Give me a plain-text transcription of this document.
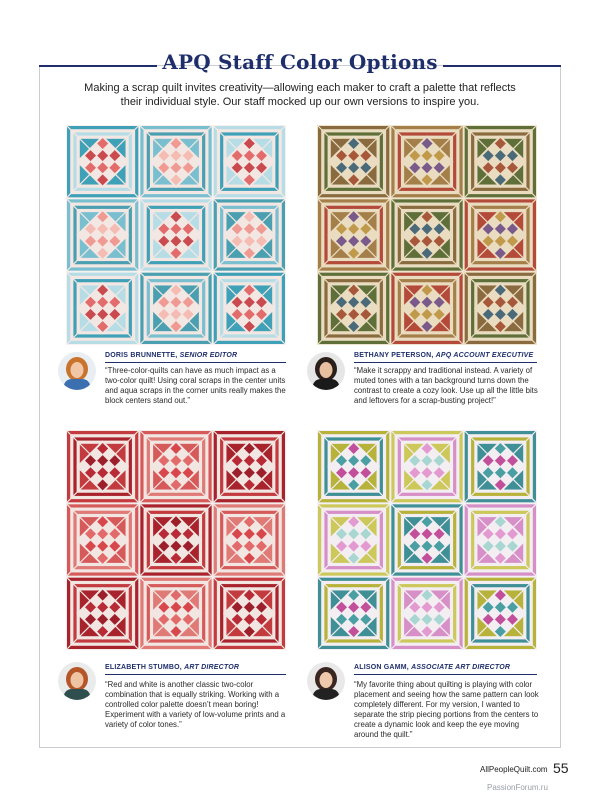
APQ Staff Color Options

Making a scrap quilt invites creativity—allowing each maker to craft a palette that reflects their individual style. Our staff mocked up our own versions to inspire you.

DORIS BRUNNETTE, SENIOR EDITOR

“Three-color-quilts can have as much impact as a two-color quilt! Using coral scraps in the center units and aqua scraps in the corner units really makes the block centers stand out.”

BETHANY PETERSON, APQ ACCOUNT EXECUTIVE

“Make it scrappy and traditional instead. A variety of muted tones with a tan background turns down the contrast to create a cozy look. Use up all the little bits and leftovers for a scrap-busting project!”

ELIZABETH STUMBO, ART DIRECTOR

“Red and white is another classic two-color combination that is equally striking. Working with a controlled color palette doesn’t mean boring! Experiment with a variety of low-volume prints and a variety of color tones.”

ALISON GAMM, ASSOCIATE ART DIRECTOR

“My favorite thing about quilting is playing with color placement and seeing how the same pattern can look completely different. For my version, I wanted to separate the strip piecing portions from the centers to create a dynamic look and keep the eye moving around the quilt.”

AllPeopleQuilt.com 55
PassionForum.ru
